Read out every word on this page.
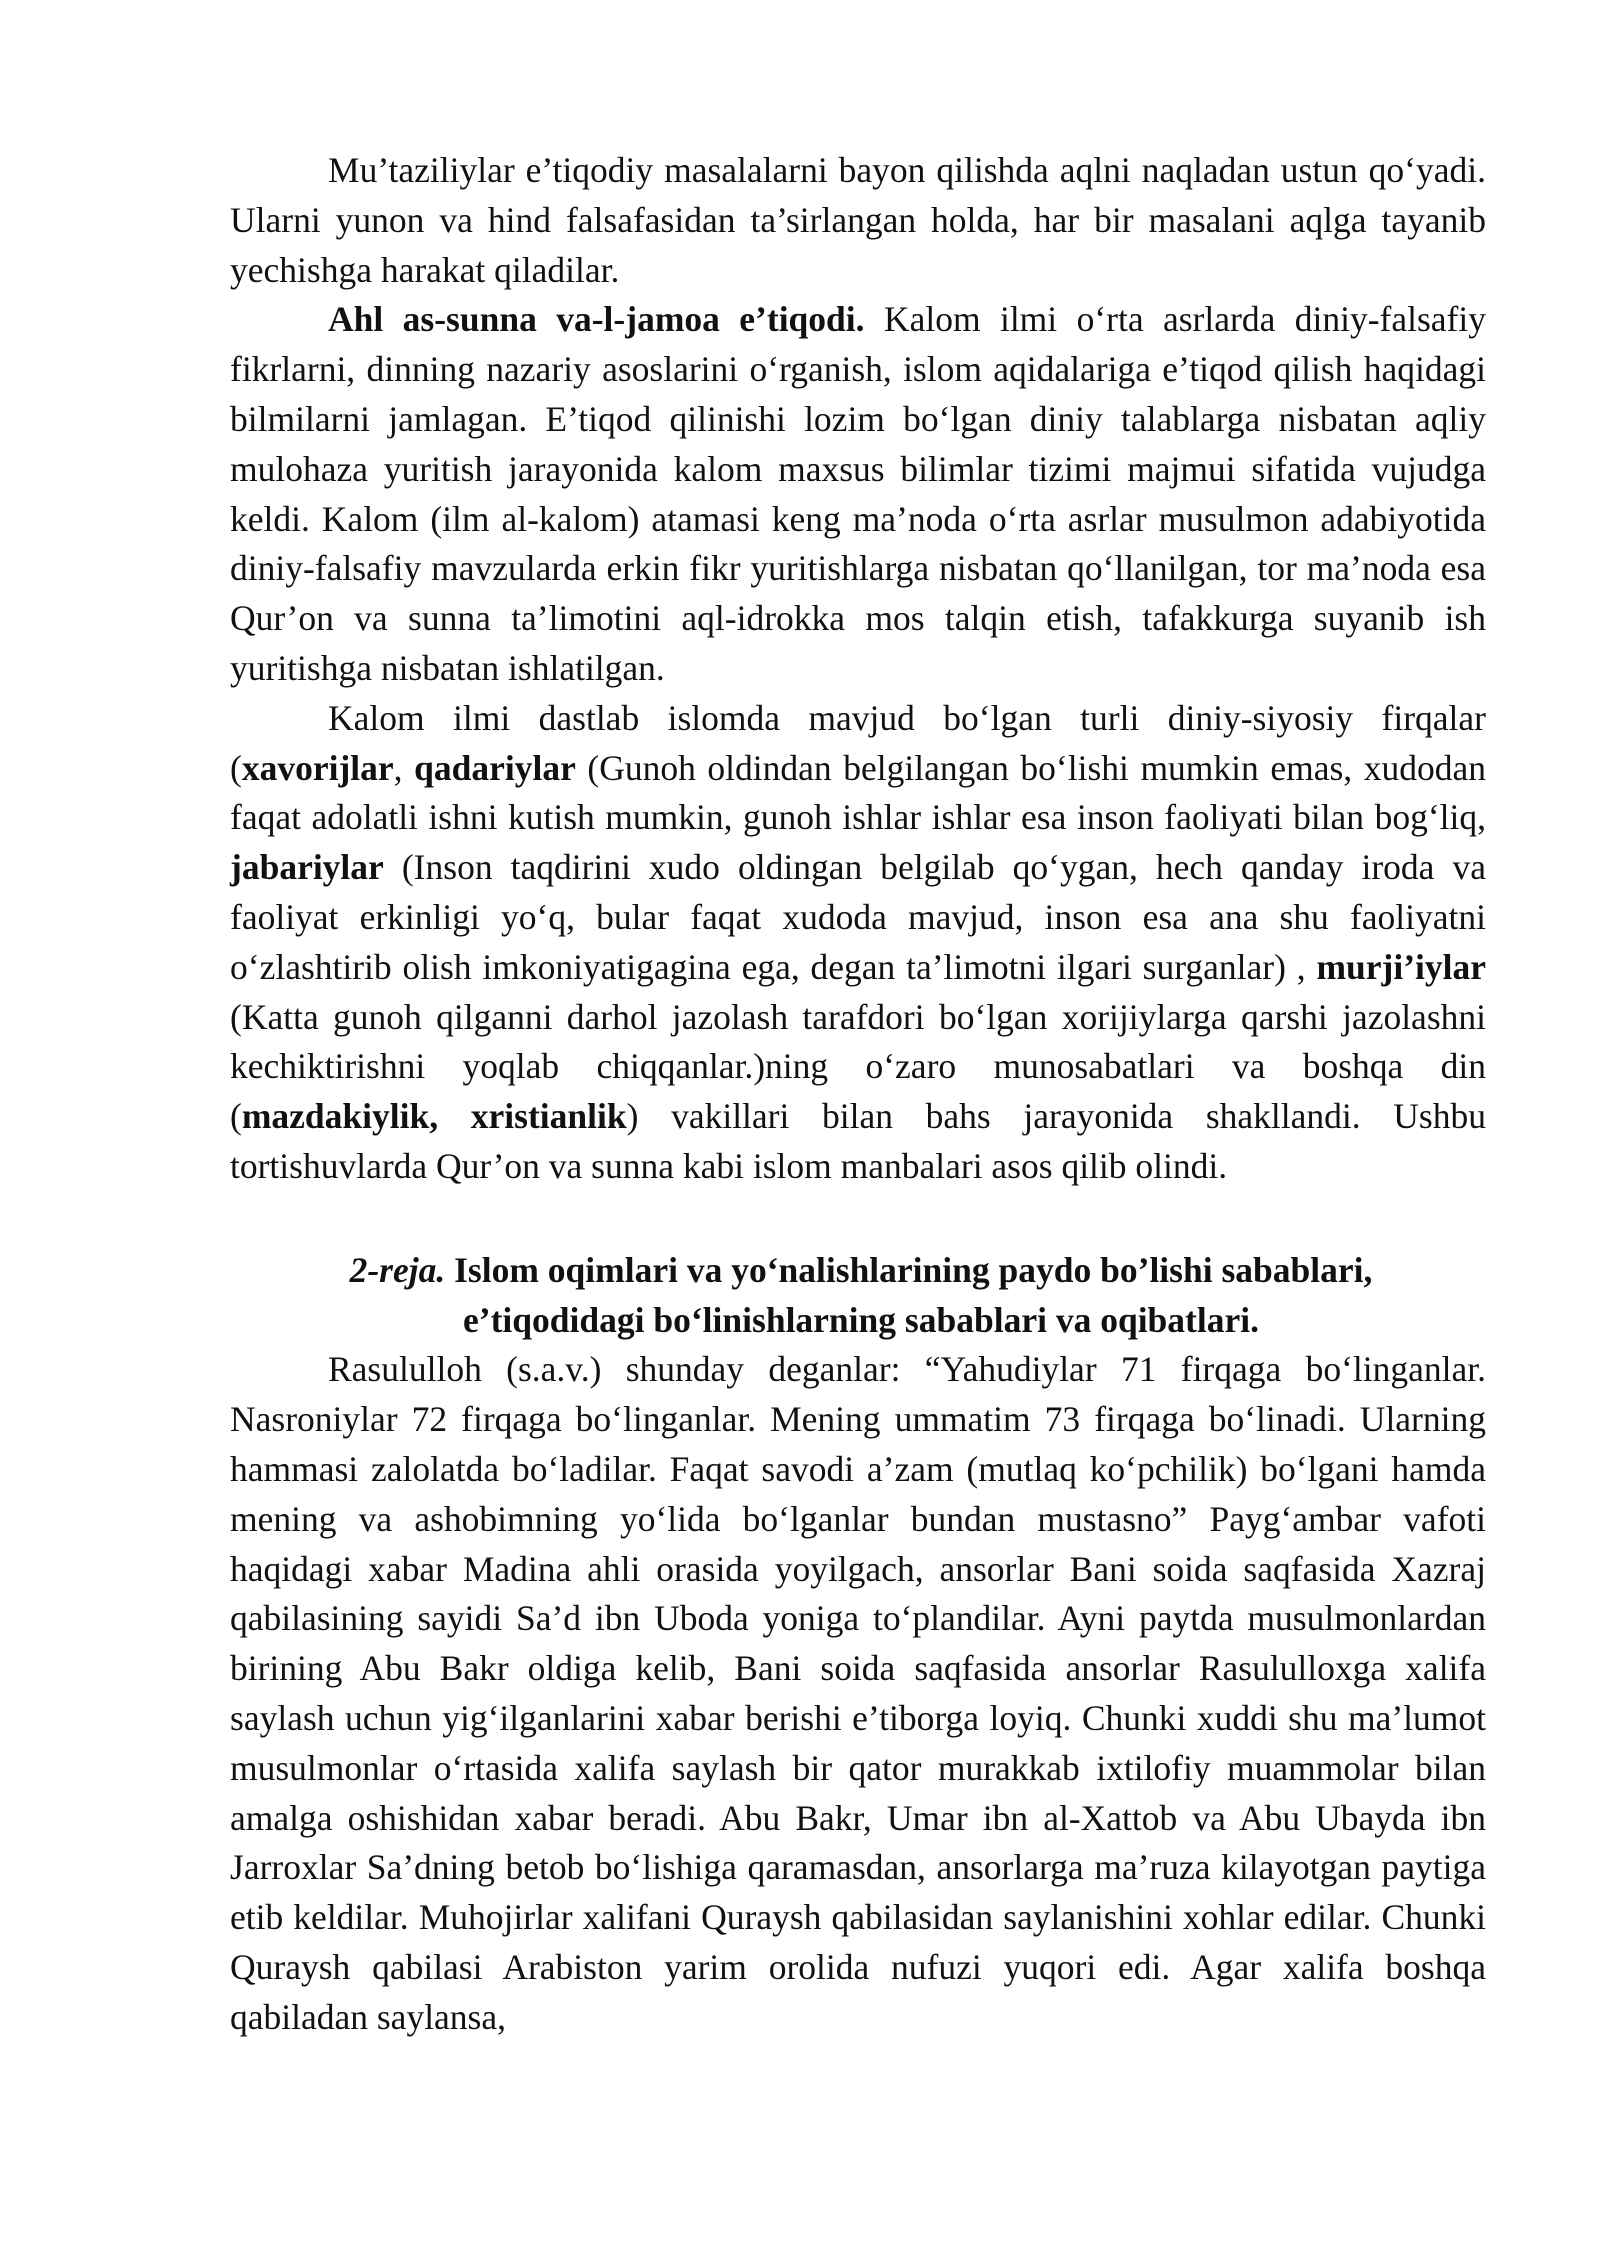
Mu’taziliylar e’tiqodiy masalalarni bayon qilishda aqlni naqladan ustun qo‘yadi. Ularni yunon va hind falsafasidan ta’sirlangan holda, har bir masalani aqlga tayanib yechishga harakat qiladilar.

Ahl as-sunna va-l-jamoa e’tiqodi. Kalom ilmi o‘rta asrlarda diniy-falsafiy fikrlarni, dinning nazariy asoslarini o‘rganish, islom aqidalariga e’tiqod qilish haqidagi bilmilarni jamlagan. E’tiqod qilinishi lozim bo‘lgan diniy talablarga nisbatan aqliy mulohaza yuritish jarayonida kalom maxsus bilimlar tizimi majmui sifatida vujudga keldi. Kalom (ilm al-kalom) atamasi keng ma’noda o‘rta asrlar musulmon adabiyotida diniy-falsafiy mavzularda erkin fikr yuritishlarga nisbatan qo‘llanilgan, tor ma’noda esa Qur’on va sunna ta’limotini aql-idrokka mos talqin etish, tafakkurga suyanib ish yuritishga nisbatan ishlatilgan.

Kalom ilmi dastlab islomda mavjud bo‘lgan turli diniy-siyosiy firqalar (xavorijlar, qadariylar (Gunoh oldindan belgilangan bo‘lishi mumkin emas, xudodan faqat adolatli ishni kutish mumkin, gunoh ishlar ishlar esa inson faoliyati bilan bog‘liq, jabariylar (Inson taqdirini xudo oldingan belgilab qo‘ygan, hech qanday iroda va faoliyat erkinligi yo‘q, bular faqat xudoda mavjud, inson esa ana shu faoliyatni o‘zlashtirib olish imkoniyatigagina ega, degan ta’limotni ilgari surganlar) , murji’iylar (Katta gunoh qilganni darhol jazolash tarafdori bo‘lgan xorijiylarga qarshi jazolashni kechiktirishni yoqlab chiqqanlar.)ning o‘zaro munosabatlari va boshqa din (mazdakiylik, xristianlik) vakillari bilan bahs jarayonida shakllandi. Ushbu tortishuvlarda Qur’on va sunna kabi islom manbalari asos qilib olindi.

2-reja. Islom oqimlari va yo‘nalishlarining paydo bo’lishi sabablari,
e’tiqodidagi bo‘linishlarning sabablari va oqibatlari.

Rasululloh (s.a.v.) shunday deganlar: “Yahudiylar 71 firqaga bo‘linganlar. Nasroniylar 72 firqaga bo‘linganlar. Mening ummatim 73 firqaga bo‘linadi. Ularning hammasi zalolatda bo‘ladilar. Faqat savodi a’zam (mutlaq ko‘pchilik) bo‘lgani hamda mening va ashobimning yo‘lida bo‘lganlar bundan mustasno” Payg‘ambar vafoti haqidagi xabar Madina ahli orasida yoyilgach, ansorlar Bani soida saqfasida Xazraj qabilasining sayidi Sa’d ibn Uboda yoniga to‘plandilar. Ayni paytda musulmonlardan birining Abu Bakr oldiga kelib, Bani soida saqfasida ansorlar Rasululloxga xalifa saylash uchun yig‘ilganlarini xabar berishi e’tiborga loyiq. Chunki xuddi shu ma’lumot musulmonlar o‘rtasida xalifa saylash bir qator murakkab ixtilofiy muammolar bilan amalga oshishidan xabar beradi. Abu Bakr, Umar ibn al-Xattob va Abu Ubayda ibn Jarroxlar Sa’dning betob bo‘lishiga qaramasdan, ansorlarga ma’ruza kilayotgan paytiga etib keldilar. Muhojirlar xalifani Quraysh qabilasidan saylanishini xohlar edilar. Chunki Quraysh qabilasi Arabiston yarim orolida nufuzi yuqori edi. Agar xalifa boshqa qabiladan saylansa,
